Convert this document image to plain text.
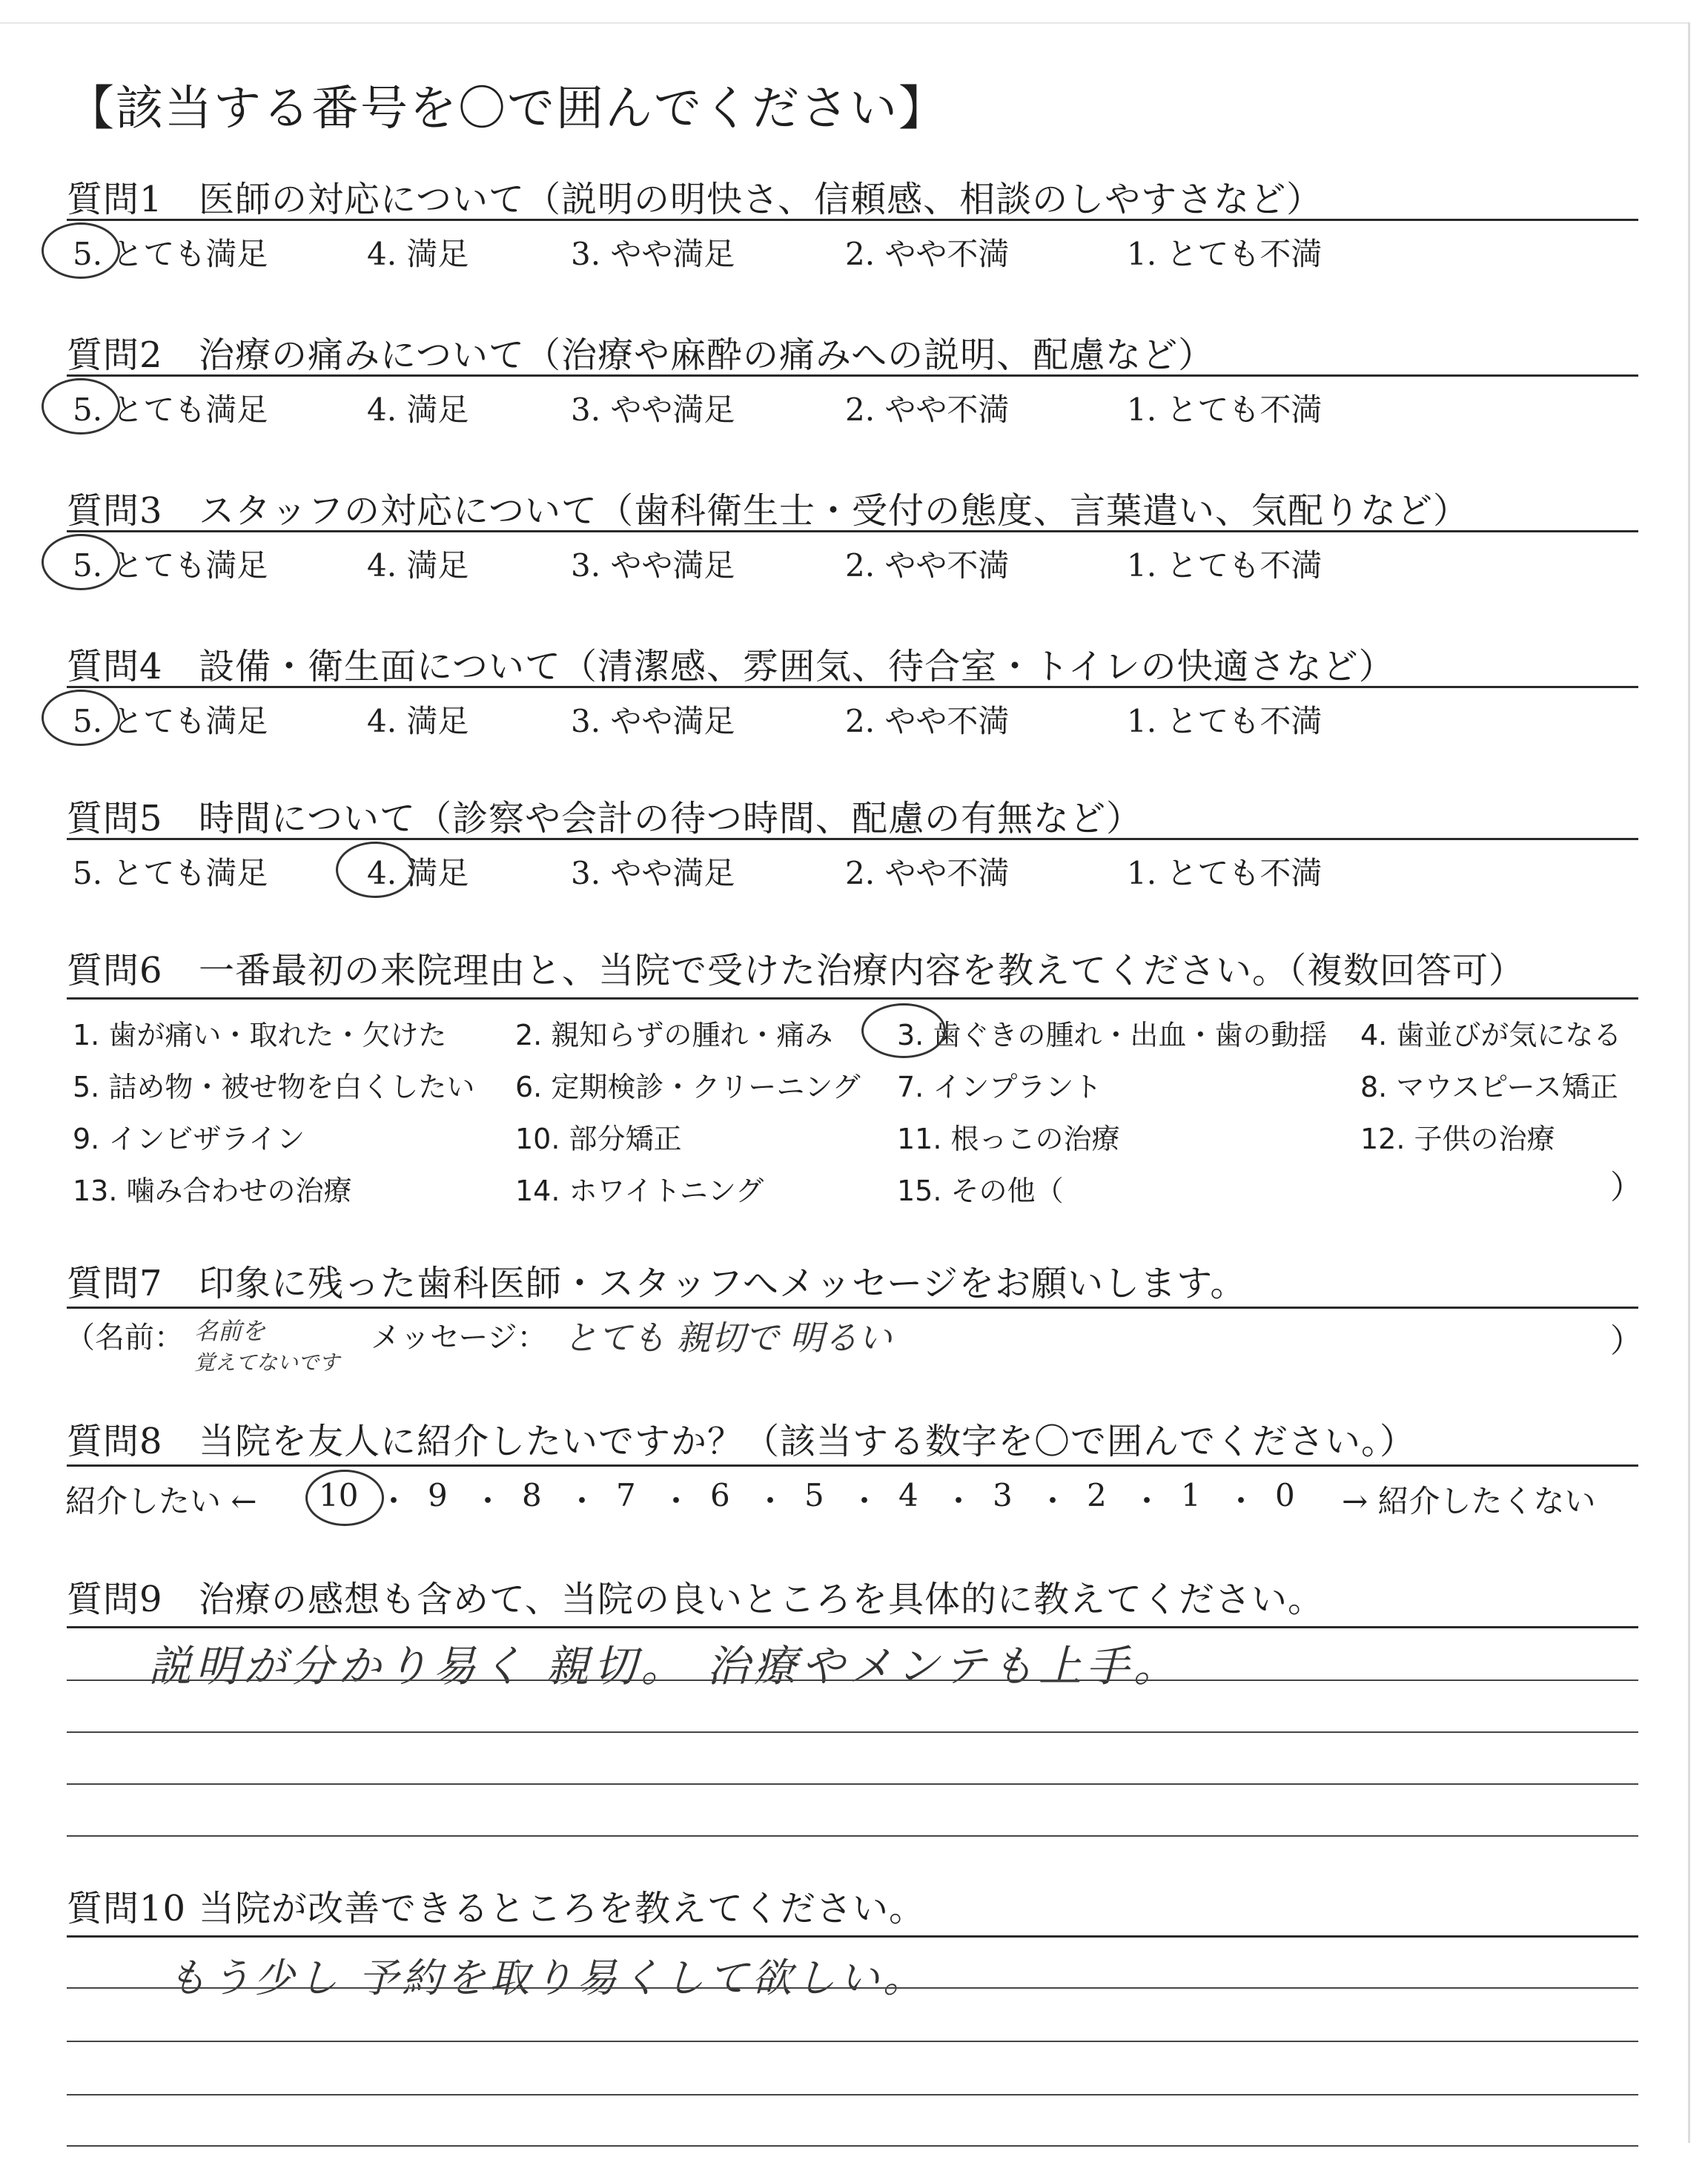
【該当する番号を〇で囲んでください】
質問1 医師の対応について（説明の明快さ、信頼感、相談のしやすさなど）
5. とても満足	4. 満足	3. やや満足	2. やや不満	1. とても不満
質問2 治療の痛みについて（治療や麻酔の痛みへの説明、配慮など）
5. とても満足	4. 満足	3. やや満足	2. やや不満	1. とても不満
質問3 スタッフの対応について（歯科衛生士・受付の態度、言葉遣い、気配りなど）
5. とても満足	4. 満足	3. やや満足	2. やや不満	1. とても不満
質問4 設備・衛生面について（清潔感、雰囲気、待合室・トイレの快適さなど）
5. とても満足	4. 満足	3. やや満足	2. やや不満	1. とても不満
質問5 時間について（診察や会計の待つ時間、配慮の有無など）
5. とても満足	4. 満足	3. やや満足	2. やや不満	1. とても不満
質問6 一番最初の来院理由と、当院で受けた治療内容を教えてください。（複数回答可）
1. 歯が痛い・取れた・欠けた 2. 親知らずの腫れ・痛み 3. 歯ぐきの腫れ・出血・歯の動揺 4. 歯並びが気になる
5. 詰め物・被せ物を白くしたい 6. 定期検診・クリーニング 7. インプラント	8. マウスピース矯正
9. インビザライン	10. 部分矯正	11. 根っこの治療	12. 子供の治療
13. 噛み合わせの治療	14. ホワイトニング	15. その他（	）
質問7 印象に残った歯科医師・スタッフへメッセージをお願いします。
（名前： 名前を
覚えてないです
メッセージ： とても 親切で 明るい	）
質問8 当院を友人に紹介したいですか？（該当する数字を〇で囲んでください。）
紹介したい ← 10 ・ 9 ・ 8 ・ 7 ・ 6 ・ 5 ・ 4 ・ 3 ・ 2 ・ 1 ・ 0 → 紹介したくない
質問9 治療の感想も含めて、当院の良いところを具体的に教えてください。
説明が分かり易く 親切。 治療やメンテも上手。
質問10 当院が改善できるところを教えてください。
もう少し 予約を取り易くして欲しい。
